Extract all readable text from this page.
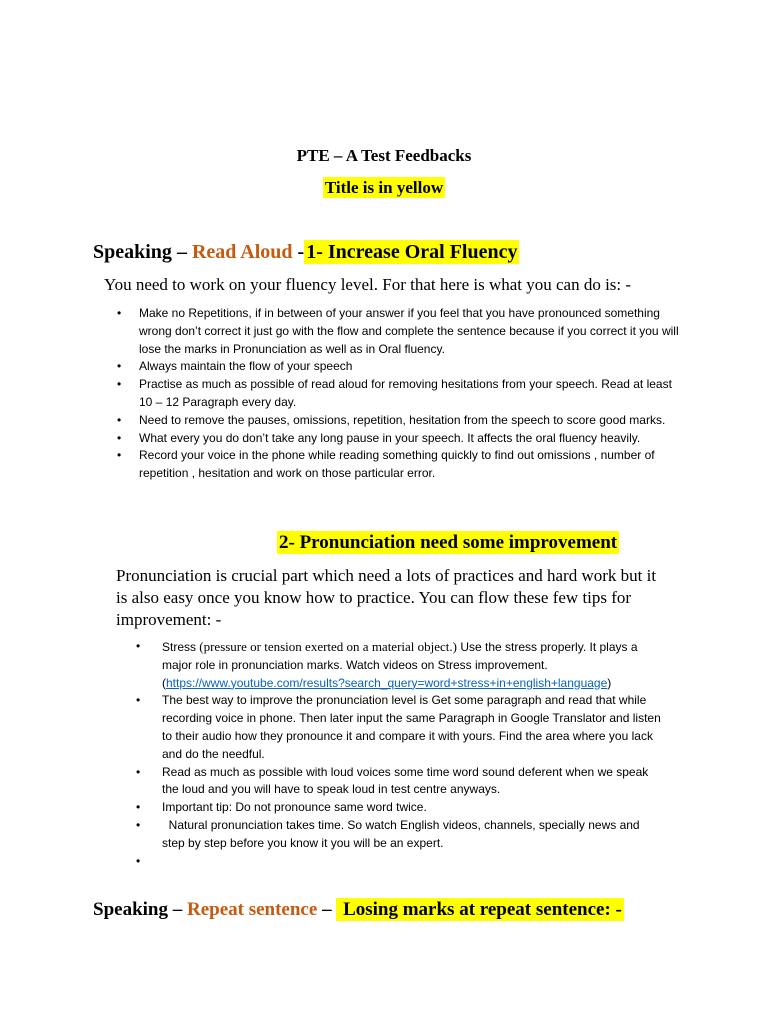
PTE – A Test Feedbacks
Title is in yellow
Speaking – Read Aloud - 1- Increase Oral Fluency
You need to work on your fluency level. For that here is what you can do is: -
• Make no Repetitions, if in between of your answer if you feel that you have pronounced something wrong don’t correct it just go with the flow and complete the sentence because if you correct it you will lose the marks in Pronunciation as well as in Oral fluency.
• Always maintain the flow of your speech
• Practise as much as possible of read aloud for removing hesitations from your speech. Read at least 10 – 12 Paragraph every day.
• Need to remove the pauses, omissions, repetition, hesitation from the speech to score good marks.
• What every you do don’t take any long pause in your speech. It affects the oral fluency heavily.
• Record your voice in the phone while reading something quickly to find out omissions , number of repetition , hesitation and work on those particular error.
2- Pronunciation need some improvement
Pronunciation is crucial part which need a lots of practices and hard work but it is also easy once you know how to practice. You can flow these few tips for improvement: -
• Stress (pressure or tension exerted on a material object.) Use the stress properly. It plays a major role in pronunciation marks. Watch videos on Stress improvement. (https://www.youtube.com/results?search_query=word+stress+in+english+language)
• The best way to improve the pronunciation level is Get some paragraph and read that while recording voice in phone. Then later input the same Paragraph in Google Translator and listen to their audio how they pronounce it and compare it with yours. Find the area where you lack and do the needful.
• Read as much as possible with loud voices some time word sound deferent when we speak the loud and you will have to speak loud in test centre anyways.
• Important tip: Do not pronounce same word twice.
• Natural pronunciation takes time. So watch English videos, channels, specially news and step by step before you know it you will be an expert.
•
Speaking – Repeat sentence –  Losing marks at repeat sentence: -
